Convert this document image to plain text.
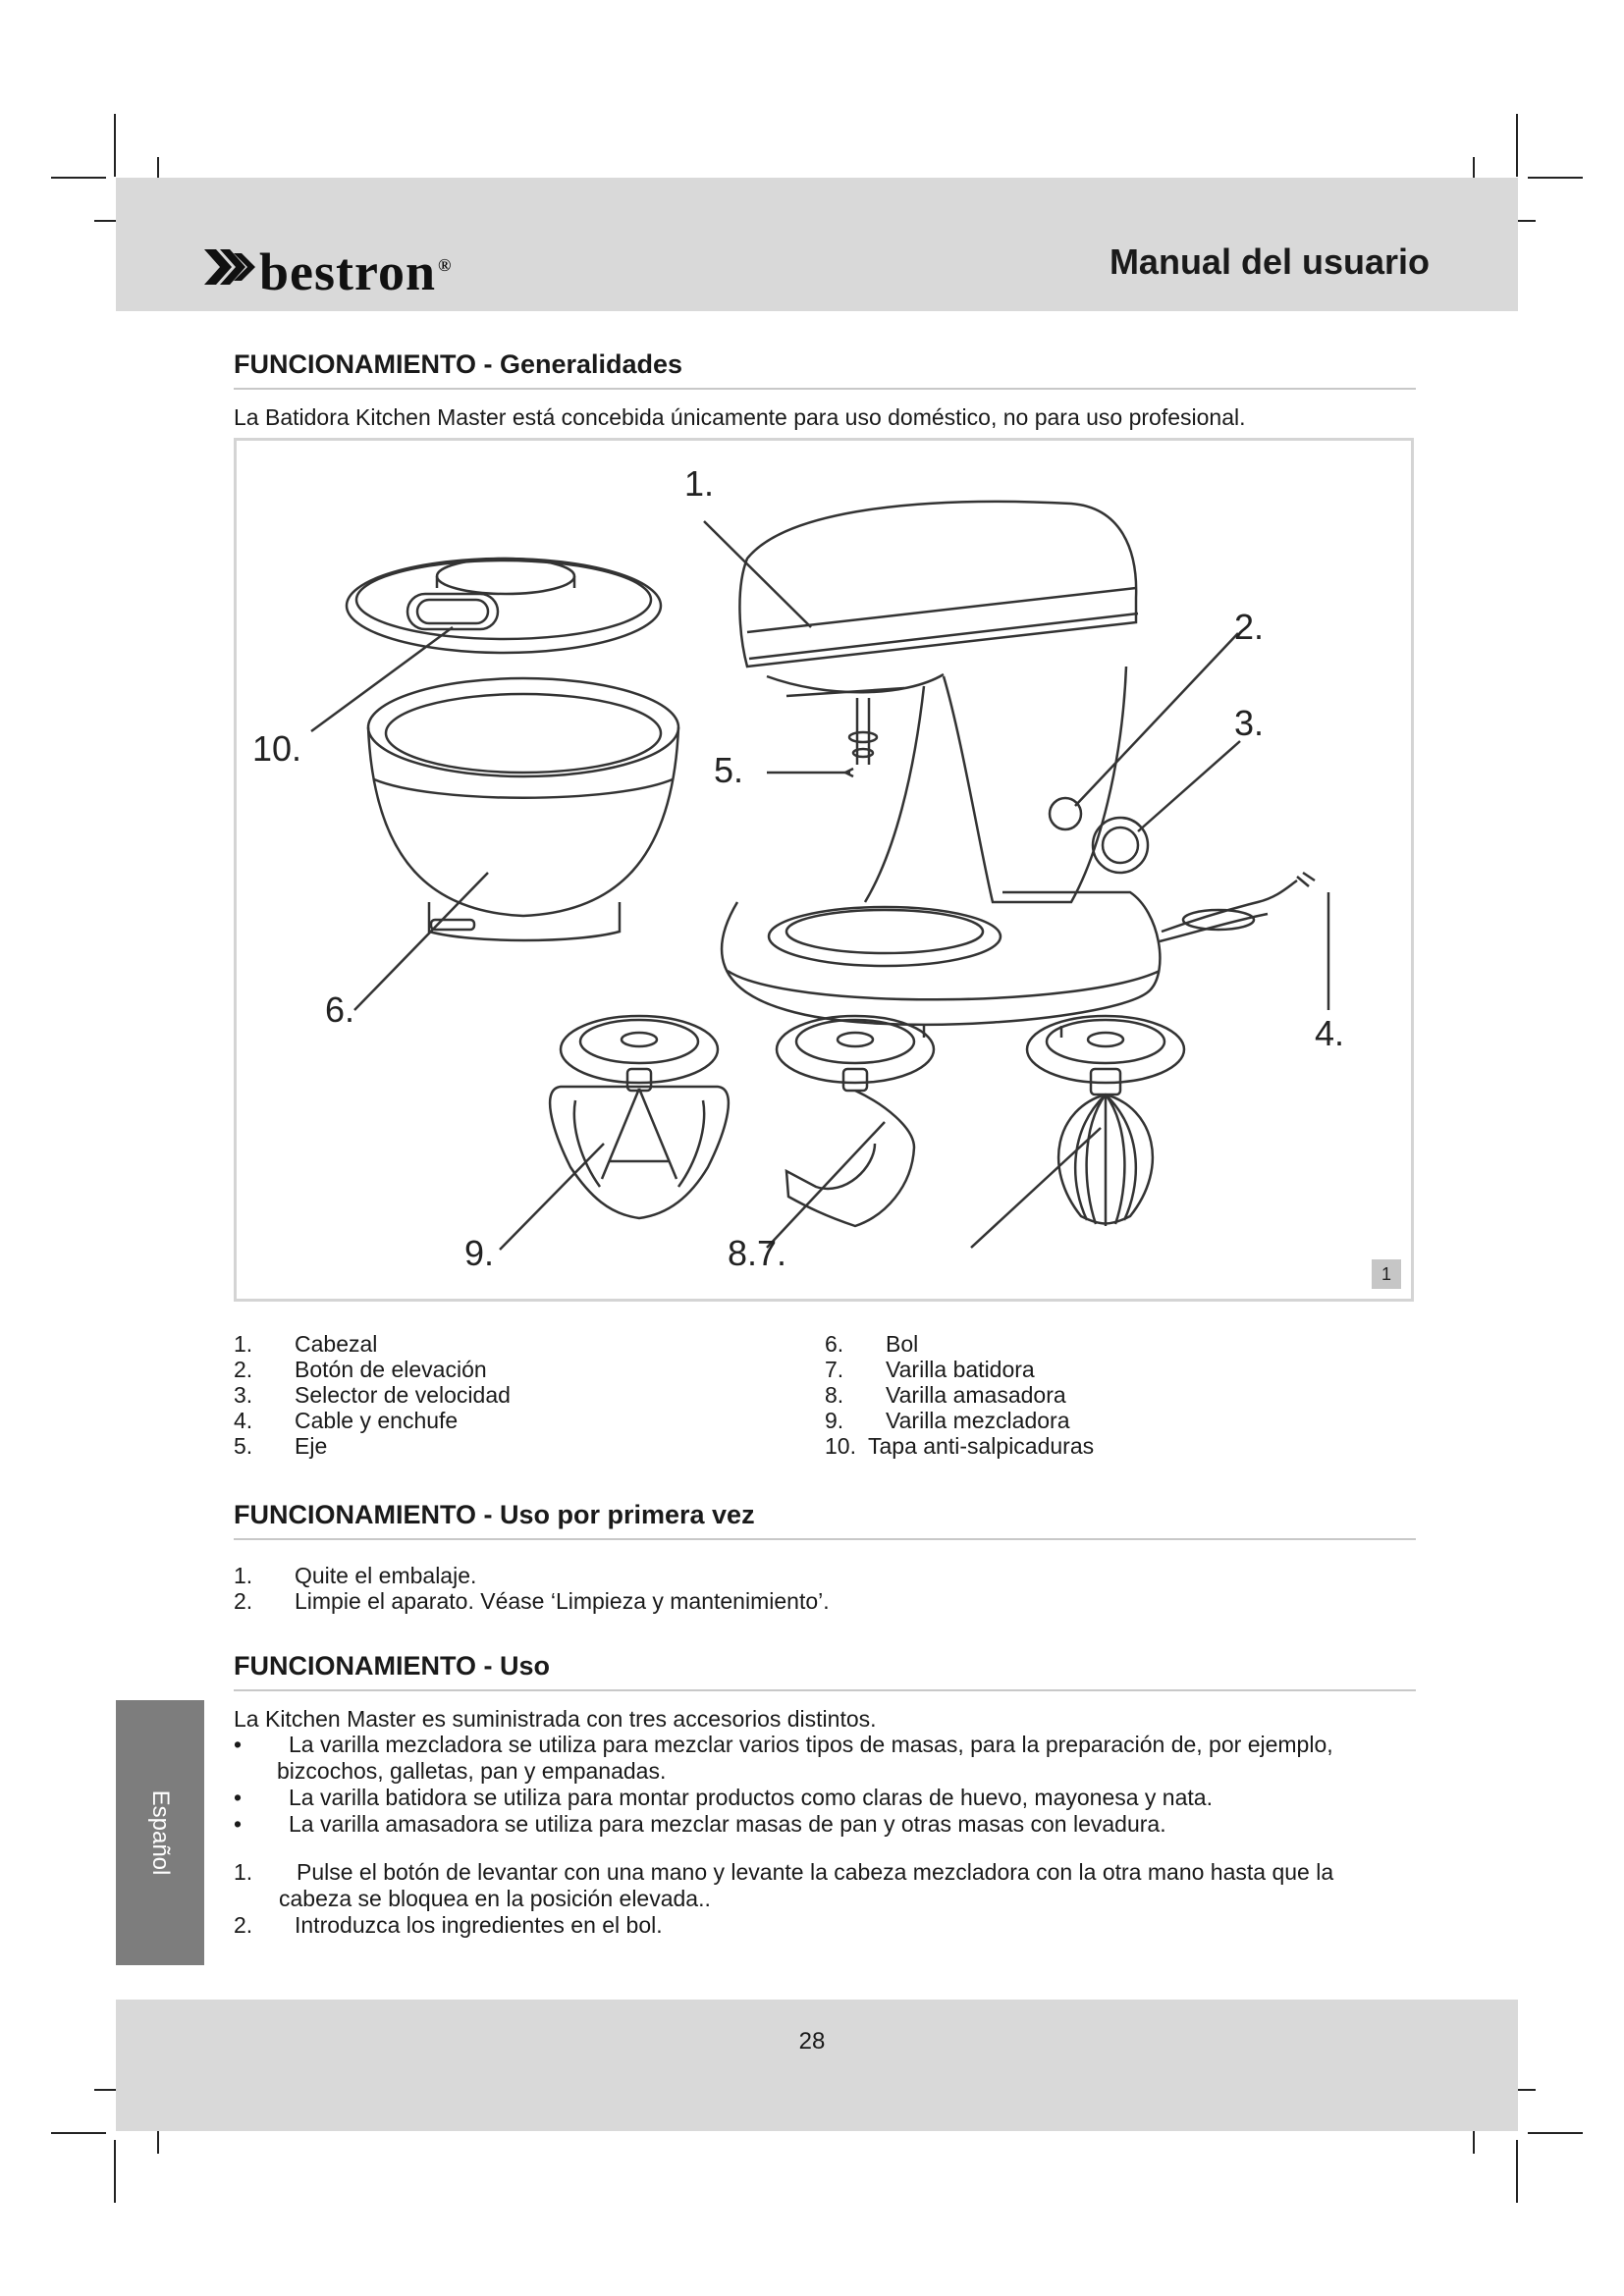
bestron ®	Manual del usuario
FUNCIONAMIENTO - Generalidades
La Batidora Kitchen Master está concebida únicamente para uso doméstico, no para uso profesional.
1.
2.
3.
4.
5.
6.
8.7.
9.
10.
1
1.	Cabezal
2.	Botón de elevación
3.	Selector de velocidad
4.	Cable y enchufe
5.	Eje
6.	Bol
7.	Varilla batidora
8.	Varilla amasadora
9.	Varilla mezcladora
10. Tapa anti-salpicaduras
FUNCIONAMIENTO - Uso por primera vez
1.	Quite el embalaje.
2.	Limpie el aparato. Véase ‘Limpieza y mantenimiento’.
FUNCIONAMIENTO - Uso
La Kitchen Master es suministrada con tres accesorios distintos.
•	La varilla mezcladora se utiliza para mezclar varios tipos de masas, para la preparación de, por ejemplo,
bizcochos, galletas, pan y empanadas.
•	La varilla batidora se utiliza para montar productos como claras de huevo, mayonesa y nata.
•	La varilla amasadora se utiliza para mezclar masas de pan y otras masas con levadura.
1.	Pulse el botón de levantar con una mano y levante la cabeza mezcladora con la otra mano hasta que la
cabeza se bloquea en la posición elevada..
2.	Introduzca los ingredientes en el bol.
Español
28
